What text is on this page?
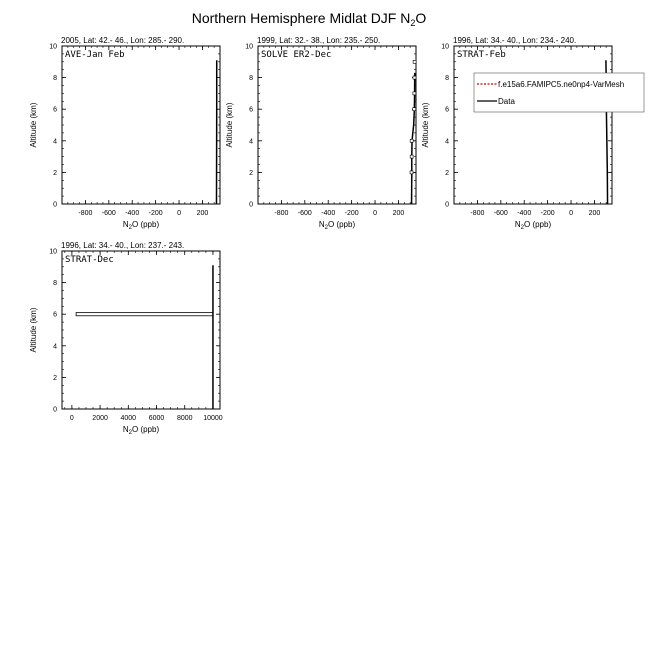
Northern Hemisphere Midlat DJF $N_2O$
2005, Lat: 42.- 46., Lon: 285.- 290.
AVE-Jan Feb
-800 -600 -400 -200 0 200
0
2
4
6
8
10
$N_2O$ (ppb)
Altitude (km)
1999, Lat: 32.- 38., Lon: 235.- 250.
SOLVE ER2-Dec
-800 -600 -400 -200 0 200
0
2
4
6
8
10
$N_2O$ (ppb)
Altitude (km)
1996, Lat: 34.- 40., Lon: 234.- 240.
STRAT-Feb
-800 -600 -400 -200 0 200
0
2
4
6
8
10
$N_2O$ (ppb)
Altitude (km)
1996, Lat: 34.- 40., Lon: 237.- 243.
STRAT-Dec
0	2000 4000 6000 8000 10000
0
2
4
6
8
10
$N_2O$ (ppb)
Altitude (km)
f.e15a6.FAMIPC5.ne0np4-VarMesh
Data
